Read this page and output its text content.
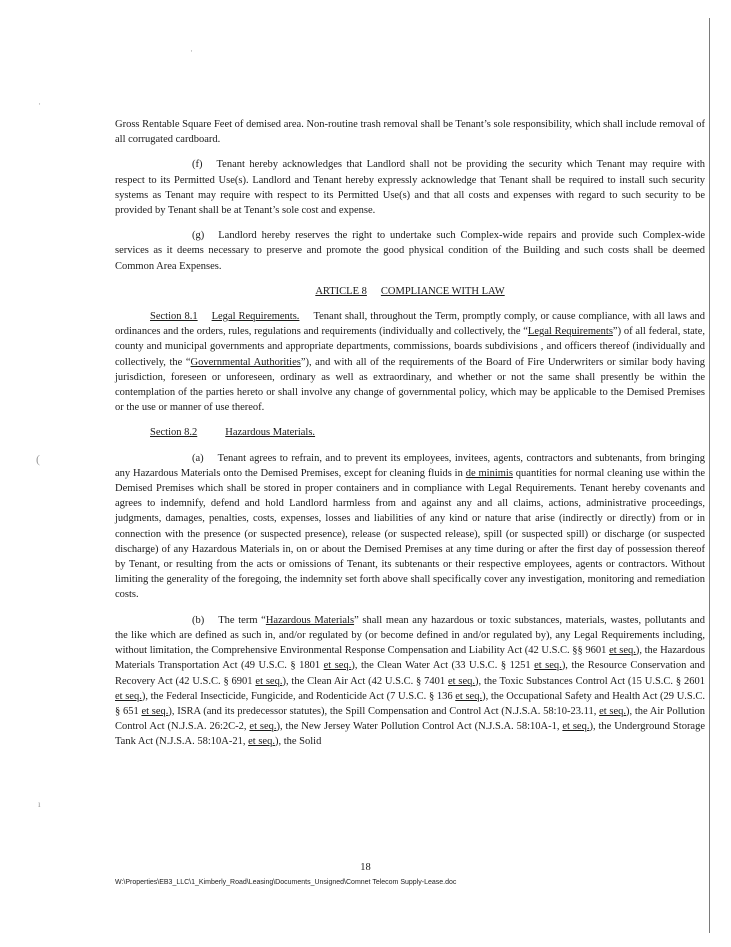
·
·
(
ı

Gross Rentable Square Feet of demised area. Non-routine trash removal shall be Tenant’s sole responsibility, which shall include removal of all corrugated cardboard.

(f) Tenant hereby acknowledges that Landlord shall not be providing the security which Tenant may require with respect to its Permitted Use(s). Landlord and Tenant hereby expressly acknowledge that Tenant shall be required to install such security systems as Tenant may require with respect to its Permitted Use(s) and that all costs and expenses with regard to such security to be provided by Tenant shall be at Tenant’s sole cost and expense.

(g) Landlord hereby reserves the right to undertake such Complex-wide repairs and provide such Complex-wide services as it deems necessary to preserve and promote the good physical condition of the Building and such costs shall be deemed Common Area Expenses.

ARTICLE 8 COMPLIANCE WITH LAW

Section 8.1 Legal Requirements. Tenant shall, throughout the Term, promptly comply, or cause compliance, with all laws and ordinances and the orders, rules, regulations and requirements (individually and collectively, the “Legal Requirements”) of all federal, state, county and municipal governments and appropriate departments, commissions, boards subdivisions , and officers thereof (individually and collectively, the “Governmental Authorities”), and with all of the requirements of the Board of Fire Underwriters or similar body having jurisdiction, foreseen or unforeseen, ordinary as well as extraordinary, and whether or not the same shall presently be within the contemplation of the parties hereto or shall involve any change of governmental policy, which may be applicable to the Demised Premises or the use or manner of use thereof.

Section 8.2	Hazardous Materials.

(a) Tenant agrees to refrain, and to prevent its employees, invitees, agents, contractors and subtenants, from bringing any Hazardous Materials onto the Demised Premises, except for cleaning fluids in de minimis quantities for normal cleaning use within the Demised Premises which shall be stored in proper containers and in compliance with Legal Requirements. Tenant hereby covenants and agrees to indemnify, defend and hold Landlord harmless from and against any and all claims, actions, administrative proceedings, judgments, damages, penalties, costs, expenses, losses and liabilities of any kind or nature that arise (indirectly or directly) from or in connection with the presence (or suspected presence), release (or suspected release), spill (or suspected spill) or discharge (or suspected discharge) of any Hazardous Materials in, on or about the Demised Premises at any time during or after the first day of possession thereof by Tenant, or resulting from the acts or omissions of Tenant, its subtenants or their respective employees, agents or contractors. Without limiting the generality of the foregoing, the indemnity set forth above shall specifically cover any investigation, monitoring and remediation costs.

(b) The term “Hazardous Materials” shall mean any hazardous or toxic substances, materials, wastes, pollutants and the like which are defined as such in, and/or regulated by (or become defined in and/or regulated by), any Legal Requirements including, without limitation, the Comprehensive Environmental Response Compensation and Liability Act (42 U.S.C. §§ 9601 et seq.), the Hazardous Materials Transportation Act (49 U.S.C. § 1801 et seq.), the Clean Water Act (33 U.S.C. § 1251 et seq.), the Resource Conservation and Recovery Act (42 U.S.C. § 6901 et seq.), the Clean Air Act (42 U.S.C. § 7401 et seq.), the Toxic Substances Control Act (15 U.S.C. § 2601 et seq.), the Federal Insecticide, Fungicide, and Rodenticide Act (7 U.S.C. § 136 et seq.), the Occupational Safety and Health Act (29 U.S.C. § 651 et seq.), ISRA (and its predecessor statutes), the Spill Compensation and Control Act (N.J.S.A. 58:10-23.11, et seq.), the Air Pollution Control Act (N.J.S.A. 26:2C-2, et seq.), the New Jersey Water Pollution Control Act (N.J.S.A. 58:10A-1, et seq.), the Underground Storage Tank Act (N.J.S.A. 58:10A-21, et seq.), the Solid

18
W:\Properties\EB3_LLC\1_Kimberly_Road\Leasing\Documents_Unsigned\Comnet Telecom Supply-Lease.doc
